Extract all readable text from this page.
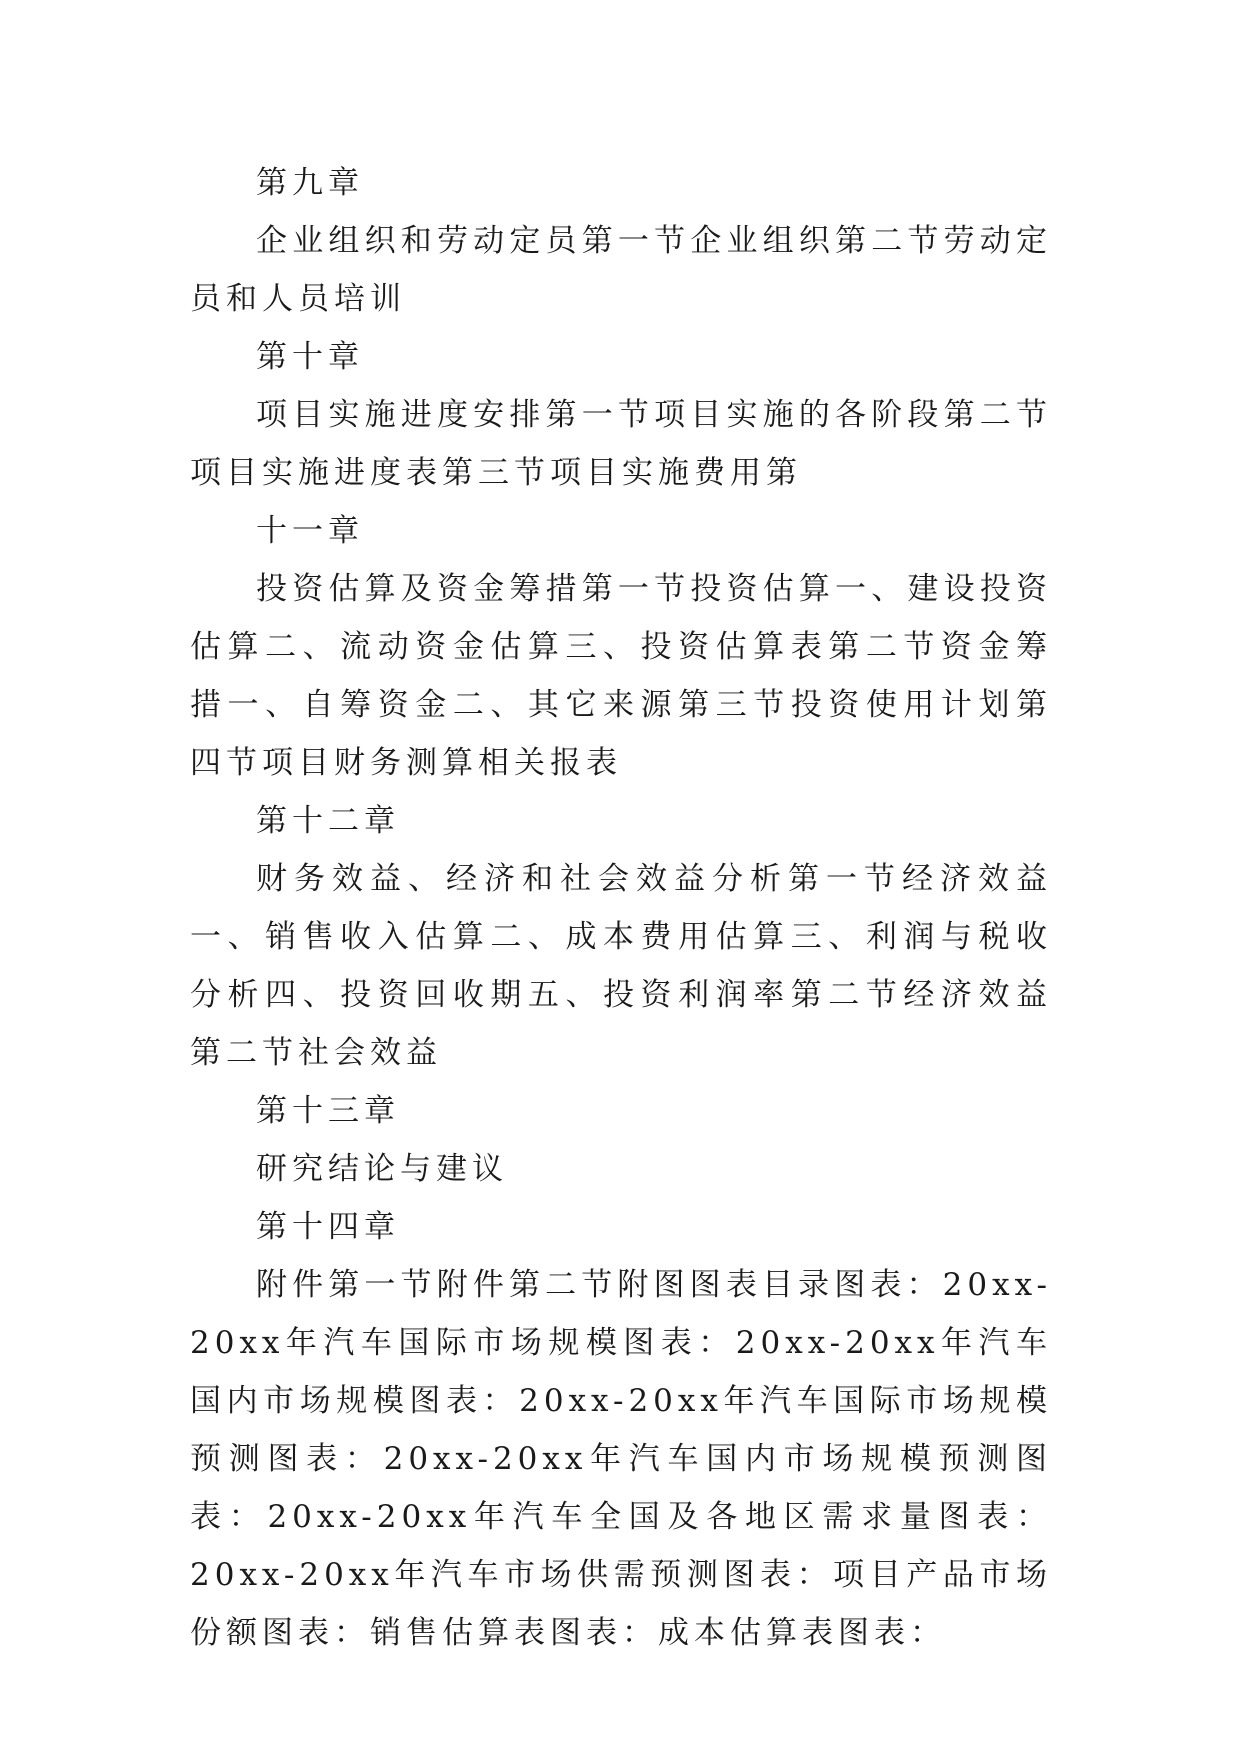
第九章

企业组织和劳动定员第一节企业组织第二节劳动定员和人员培训

第十章

项目实施进度安排第一节项目实施的各阶段第二节项目实施进度表第三节项目实施费用第

十一章

投资估算及资金筹措第一节投资估算一、建设投资估算二、流动资金估算三、投资估算表第二节资金筹措一、自筹资金二、其它来源第三节投资使用计划第四节项目财务测算相关报表

第十二章

财务效益、经济和社会效益分析第一节经济效益一、销售收入估算二、成本费用估算三、利润与税收分析四、投资回收期五、投资利润率第二节经济效益第二节社会效益

第十三章

研究结论与建议

第十四章

附件第一节附件第二节附图图表目录图表：20xx-20xx年汽车国际市场规模图表：20xx-20xx年汽车国内市场规模图表：20xx-20xx年汽车国际市场规模预测图表：20xx-20xx年汽车国内市场规模预测图表：20xx-20xx年汽车全国及各地区需求量图表：20xx-20xx年汽车市场供需预测图表：项目产品市场份额图表：销售估算表图表：成本估算表图表：
